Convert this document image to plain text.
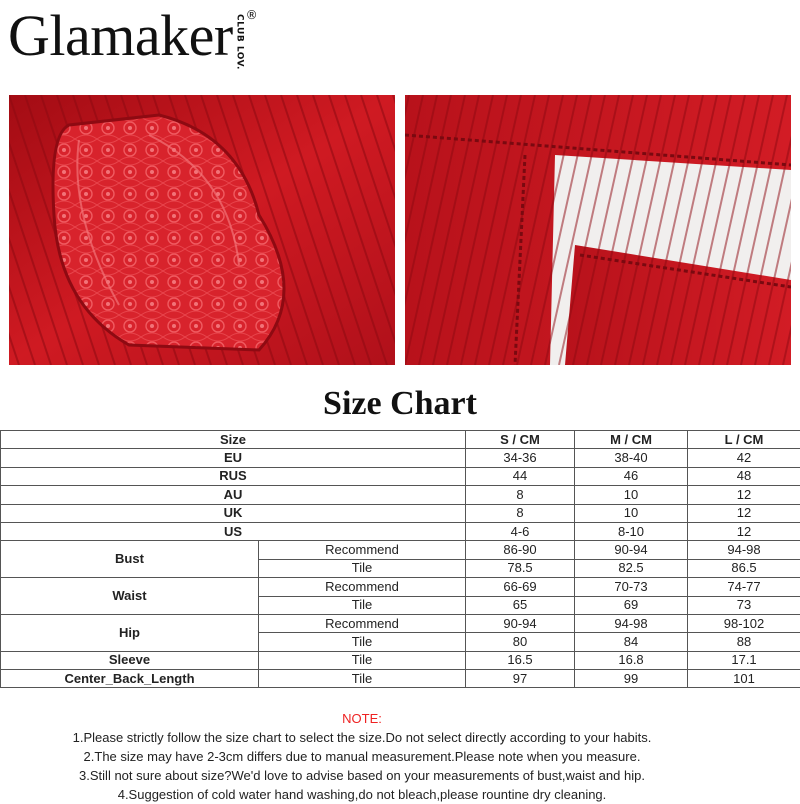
Glamaker CLUB LOV. ®
Size Chart
Size		S / CM	M / CM	L / CM
EU		34-36	38-40	42
RUS		44	46	48
AU		8	10	12
UK		8	10	12
US		4-6	8-10	12
Bust	Recommend	86-90	90-94	94-98
	Tile	78.5	82.5	86.5
Waist	Recommend	66-69	70-73	74-77
	Tile	65	69	73
Hip	Recommend	90-94	94-98	98-102
	Tile	80	84	88
Sleeve	Tile	16.5	16.8	17.1
Center_Back_Length	Tile	97	99	101
NOTE:
1.Please strictly follow the size chart to select the size.Do not select directly according to your habits.
2.The size may have 2-3cm differs due to manual measurement.Please note when you measure.
3.Still not sure about size?We'd love to advise based on your measurements of bust,waist and hip.
4.Suggestion of cold water hand washing,do not bleach,please rountine dry cleaning.
